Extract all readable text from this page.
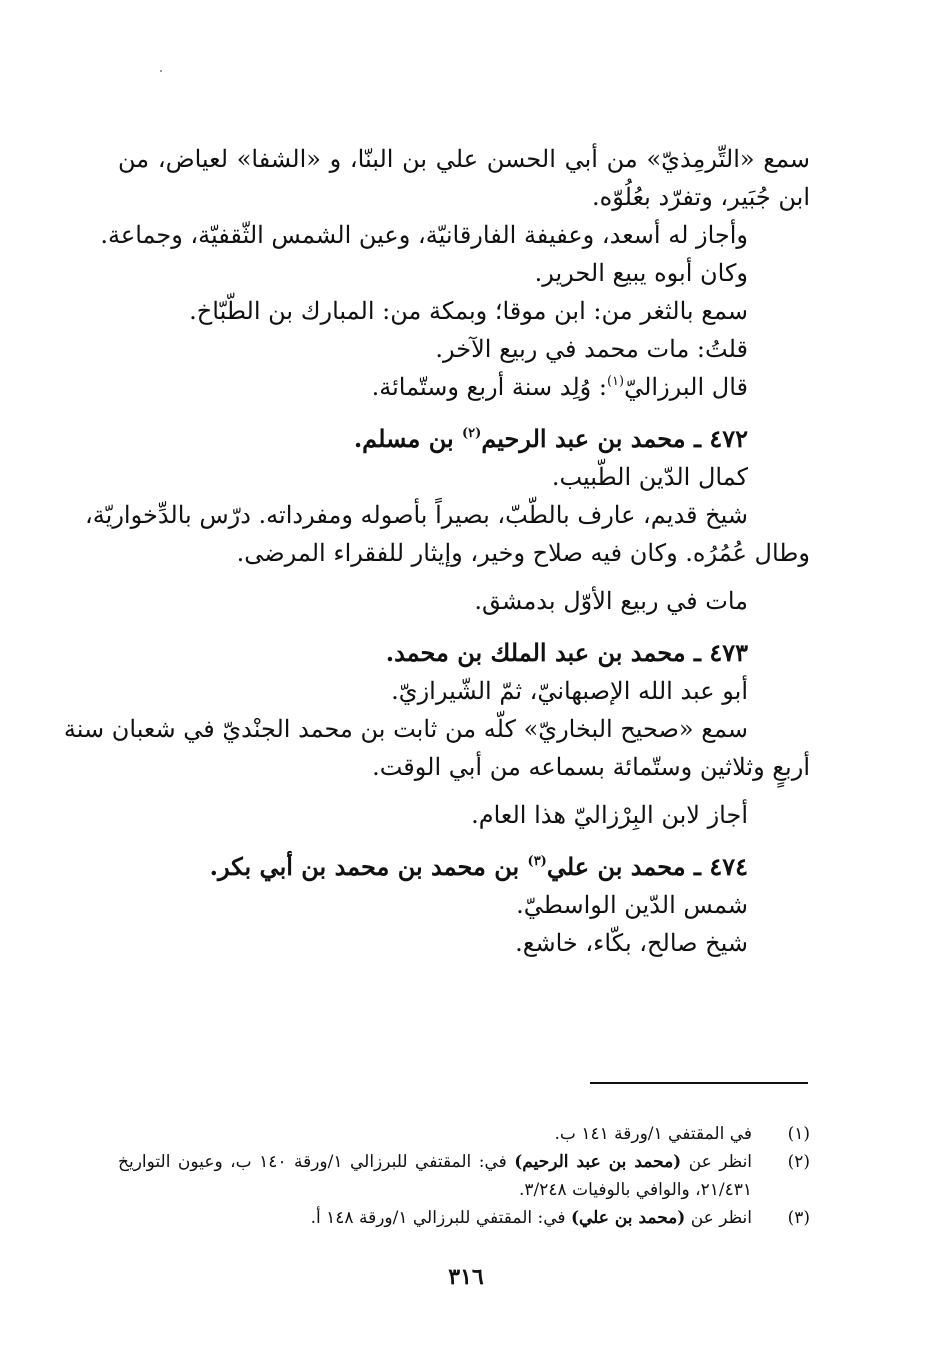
سمع «التِّرمِذيّ» من أبي الحسن علي بن البنّا، و «الشفا» لعياض، من
ابن جُبَير، وتفرّد بعُلُوّه.
وأجاز له أسعد، وعفيفة الفارقانيّة، وعين الشمس الثّقفيّة، وجماعة.
وكان أبوه يبيع الحرير.
سمع بالثغر من: ابن موقا؛ وبمكة من: المبارك بن الطّبّاخ.
قلتُ: مات محمد في ربيع الآخر.
قال البرزاليّ$^{(١)}$: وُلِد سنة أربع وستّمائة.
٤٧٢ ـ محمد بن عبد الرحيم$^{(٢)}$ بن مسلم.
كمال الدّين الطّبيب.
شيخ قديم، عارف بالطّبّ، بصيراً بأصوله ومفرداته. درّس بالدِّخواريّة،
وطال عُمُرُه. وكان فيه صلاح وخير، وإيثار للفقراء المرضى.
مات في ربيع الأوّل بدمشق.
٤٧٣ ـ محمد بن عبد الملك بن محمد.
أبو عبد الله الإصبهانيّ، ثمّ الشّيرازيّ.
سمع «صحيح البخاريّ» كلّه من ثابت بن محمد الجنْديّ في شعبان سنة
أربعٍ وثلاثين وستّمائة بسماعه من أبي الوقت.
أجاز لابن البِرْزاليّ هذا العام.
٤٧٤ ـ محمد بن علي$^{(٣)}$ بن محمد بن محمد بن أبي بكر.
شمس الدّين الواسطيّ.
شيخ صالح، بكّاء، خاشع.
(١)
في المقتفي ١/ورقة ١٤١ ب.
(٢)
انظر عن (محمد بن عبد الرحيم) في: المقتفي للبرزالي ١/ورقة ١٤٠ ب، وعيون التواريخ
٢١/٤٣١، والوافي بالوفيات ٣/٢٤٨.
(٣)
انظر عن (محمد بن علي) في: المقتفي للبرزالي ١/ورقة ١٤٨ أ.
٣١٦
